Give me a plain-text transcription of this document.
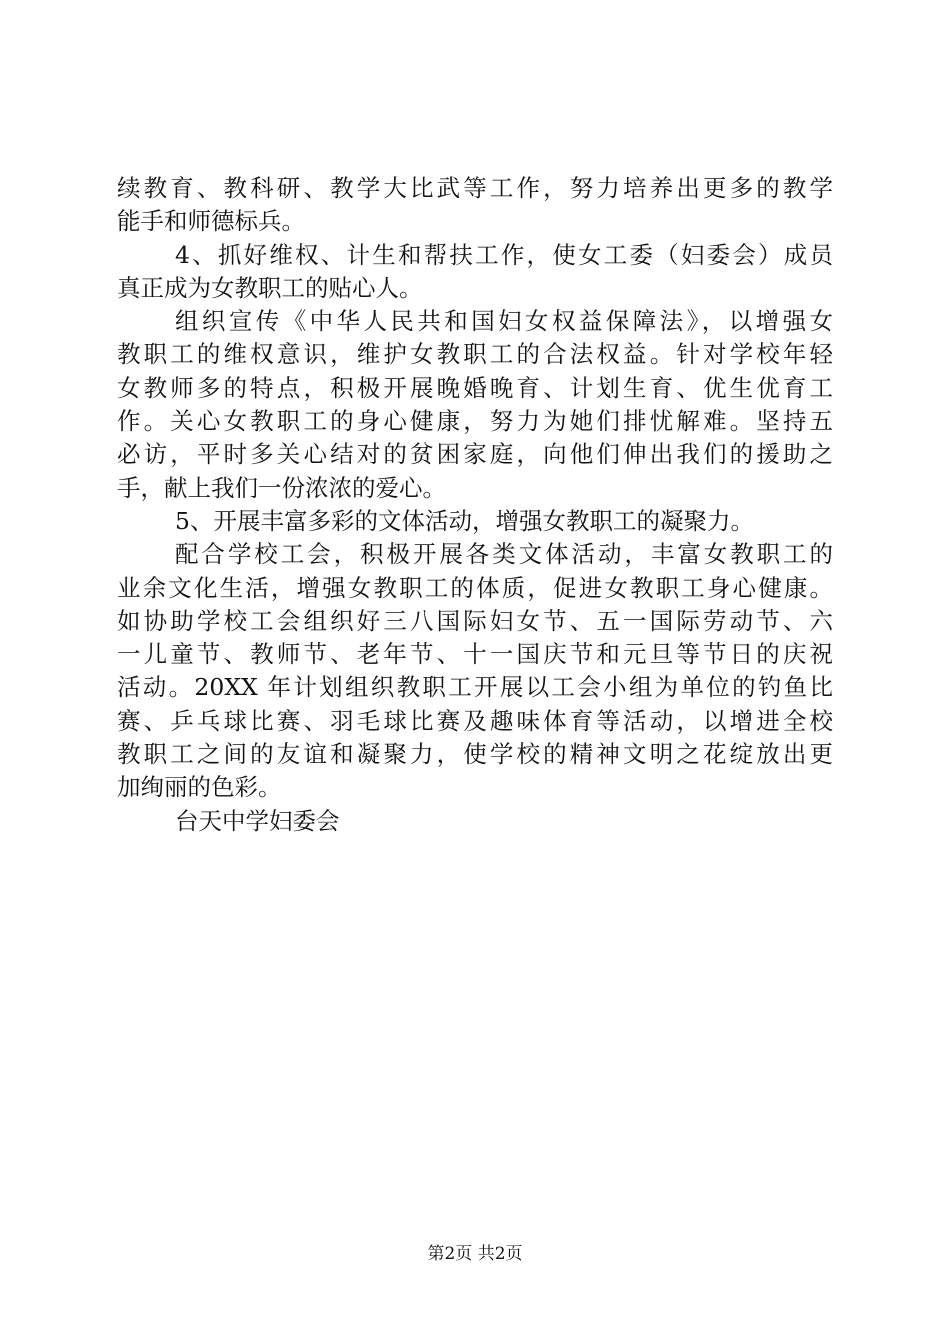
续教育、教科研、教学大比武等工作，努力培养出更多的教学
能手和师德标兵。
4、抓好维权、计生和帮扶工作，使女工委（妇委会）成员
真正成为女教职工的贴心人。
组织宣传《中华人民共和国妇女权益保障法》，以增强女
教职工的维权意识，维护女教职工的合法权益。针对学校年轻
女教师多的特点，积极开展晚婚晚育、计划生育、优生优育工
作。关心女教职工的身心健康，努力为她们排忧解难。坚持五
必访，平时多关心结对的贫困家庭，向他们伸出我们的援助之
手，献上我们一份浓浓的爱心。
5、开展丰富多彩的文体活动，增强女教职工的凝聚力。
配合学校工会，积极开展各类文体活动，丰富女教职工的
业余文化生活，增强女教职工的体质，促进女教职工身心健康。
如协助学校工会组织好三八国际妇女节、五一国际劳动节、六
一儿童节、教师节、老年节、十一国庆节和元旦等节日的庆祝
活动。20XX 年计划组织教职工开展以工会小组为单位的钓鱼比
赛、乒乓球比赛、羽毛球比赛及趣味体育等活动，以增进全校
教职工之间的友谊和凝聚力，使学校的精神文明之花绽放出更
加绚丽的色彩。
台天中学妇委会
第2页 共2页
